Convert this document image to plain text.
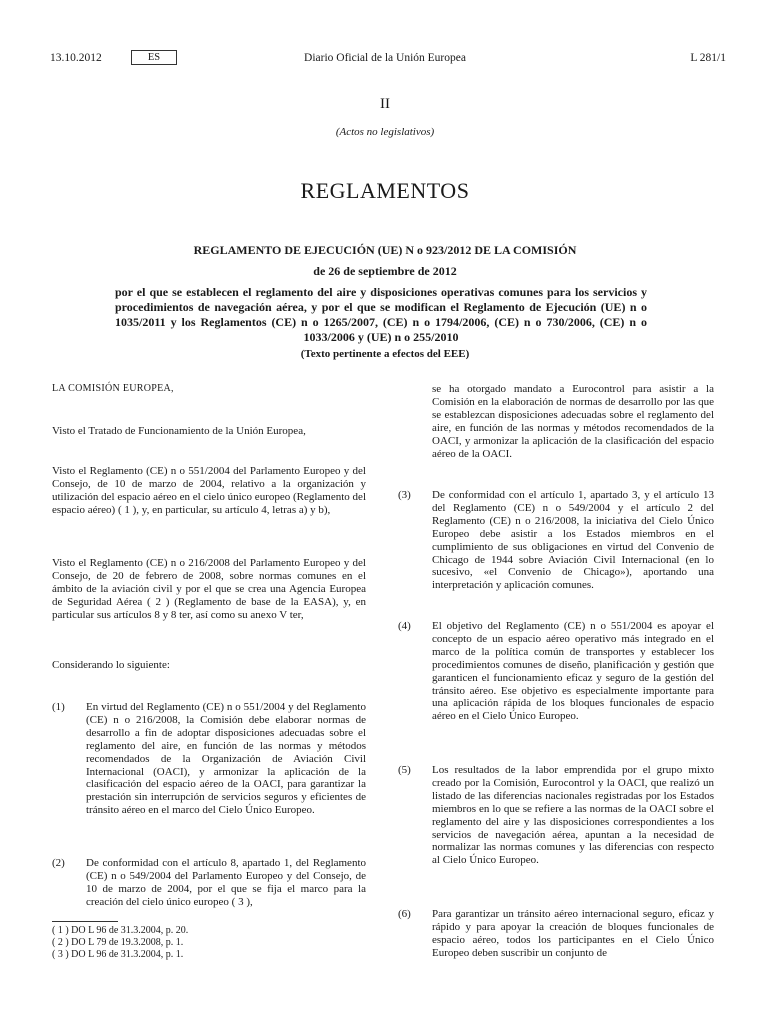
13.10.2012	ES	Diario Oficial de la Unión Europea	L 281/1
II
(Actos no legislativos)
REGLAMENTOS
REGLAMENTO DE EJECUCIÓN (UE) N o 923/2012 DE LA COMISIÓN
de 26 de septiembre de 2012
por el que se establecen el reglamento del aire y disposiciones operativas comunes para los servicios y procedimientos de navegación aérea, y por el que se modifican el Reglamento de Ejecución (UE) n o 1035/2011 y los Reglamentos (CE) n o 1265/2007, (CE) n o 1794/2006, (CE) n o 730/2006, (CE) n o 1033/2006 y (UE) n o 255/2010
(Texto pertinente a efectos del EEE)
LA COMISIÓN EUROPEA,
Visto el Tratado de Funcionamiento de la Unión Europea,
Visto el Reglamento (CE) n o 551/2004 del Parlamento Europeo y del Consejo, de 10 de marzo de 2004, relativo a la organización y utilización del espacio aéreo en el cielo único europeo (Reglamento del espacio aéreo) ( 1 ), y, en particular, su artículo 4, letras a) y b),
Visto el Reglamento (CE) n o 216/2008 del Parlamento Europeo y del Consejo, de 20 de febrero de 2008, sobre normas comunes en el ámbito de la aviación civil y por el que se crea una Agencia Europea de Seguridad Aérea ( 2 ) (Reglamento de base de la EASA), y, en particular sus artículos 8 y 8 ter, así como su anexo V ter,
Considerando lo siguiente:
(1) En virtud del Reglamento (CE) n o 551/2004 y del Reglamento (CE) n o 216/2008, la Comisión debe elaborar normas de desarrollo a fin de adoptar disposiciones adecuadas sobre el reglamento del aire, en función de las normas y métodos recomendados de la Organización de Aviación Civil Internacional (OACI), y armonizar la aplicación de la clasificación del espacio aéreo de la OACI, para garantizar la prestación sin interrupción de servicios seguros y eficientes de tránsito aéreo en el marco del Cielo Único Europeo.
(2) De conformidad con el artículo 8, apartado 1, del Reglamento (CE) n o 549/2004 del Parlamento Europeo y del Consejo, de 10 de marzo de 2004, por el que se fija el marco para la creación del cielo único europeo ( 3 ),
( 1 ) DO L 96 de 31.3.2004, p. 20.
( 2 ) DO L 79 de 19.3.2008, p. 1.
( 3 ) DO L 96 de 31.3.2004, p. 1.
se ha otorgado mandato a Eurocontrol para asistir a la Comisión en la elaboración de normas de desarrollo por las que se establezcan disposiciones adecuadas sobre el reglamento del aire, en función de las normas y métodos recomendados de la OACI, y armonizar la aplicación de la clasificación del espacio aéreo de la OACI.
(3) De conformidad con el artículo 1, apartado 3, y el artículo 13 del Reglamento (CE) n o 549/2004 y el artículo 2 del Reglamento (CE) n o 216/2008, la iniciativa del Cielo Único Europeo debe asistir a los Estados miembros en el cumplimiento de sus obligaciones en virtud del Convenio de Chicago de 1944 sobre Aviación Civil Internacional (en lo sucesivo, «el Convenio de Chicago»), aportando una interpretación y aplicación comunes.
(4) El objetivo del Reglamento (CE) n o 551/2004 es apoyar el concepto de un espacio aéreo operativo más integrado en el marco de la política común de transportes y establecer los procedimientos comunes de diseño, planificación y gestión que garanticen el funcionamiento eficaz y seguro de la gestión del tránsito aéreo. Ese objetivo es especialmente importante para una aplicación rápida de los bloques funcionales de espacio aéreo en el Cielo Único Europeo.
(5) Los resultados de la labor emprendida por el grupo mixto creado por la Comisión, Eurocontrol y la OACI, que realizó un listado de las diferencias nacionales registradas por los Estados miembros en lo que se refiere a las normas de la OACI sobre el reglamento del aire y las disposiciones correspondientes a los servicios de navegación aérea, apuntan a la necesidad de normalizar las normas comunes y las diferencias con respecto al Cielo Único Europeo.
(6) Para garantizar un tránsito aéreo internacional seguro, eficaz y rápido y para apoyar la creación de bloques funcionales de espacio aéreo, todos los participantes en el Cielo Único Europeo deben suscribir un conjunto de
